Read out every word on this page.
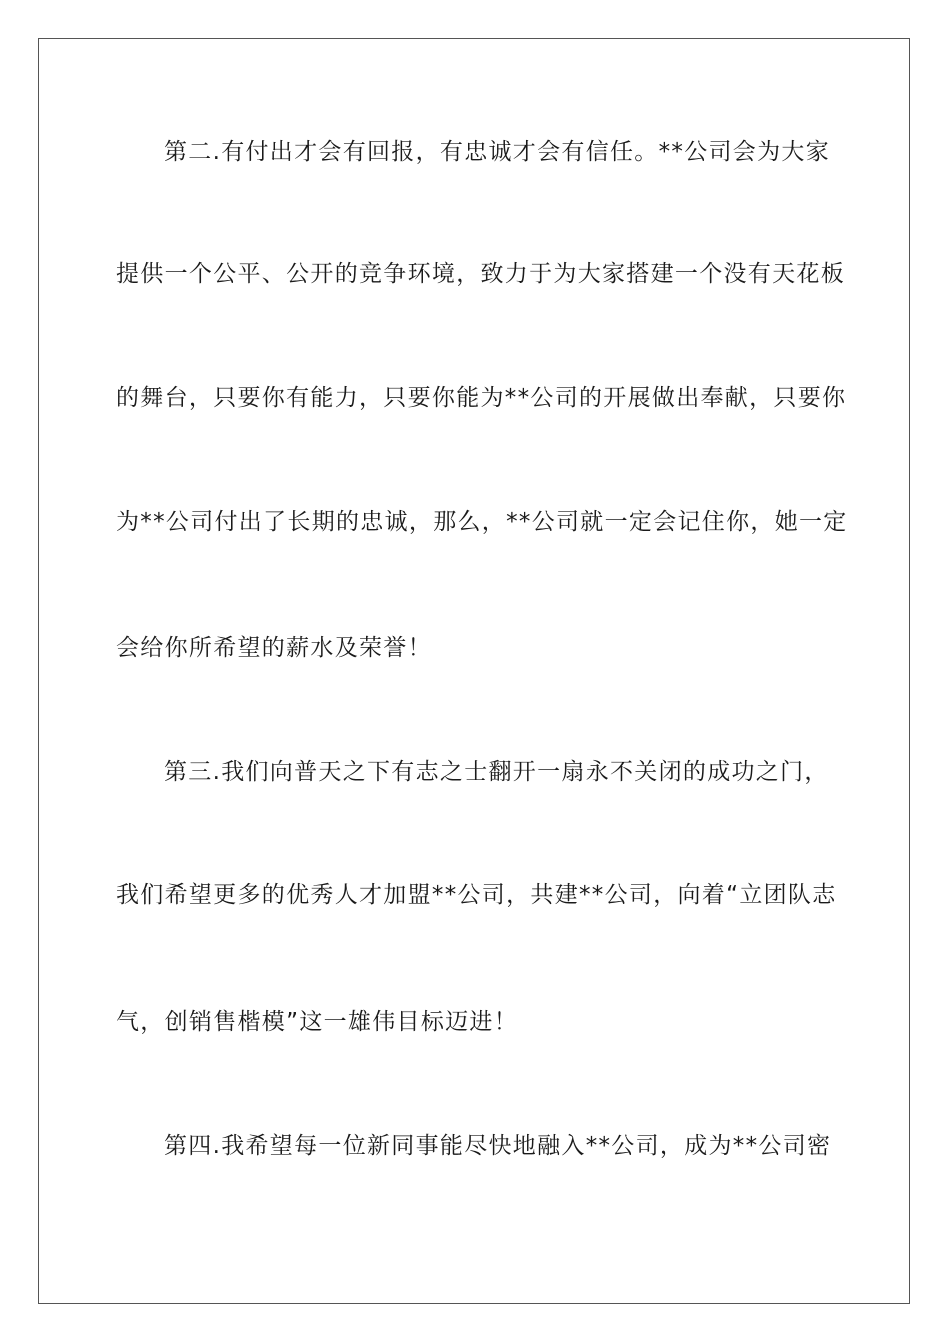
第二.有付出才会有回报，有忠诚才会有信任。**公司会为大家
提供一个公平、公开的竞争环境，致力于为大家搭建一个没有天花板
的舞台，只要你有能力，只要你能为**公司的开展做出奉献，只要你
为**公司付出了长期的忠诚，那么，**公司就一定会记住你，她一定
会给你所希望的薪水及荣誉！
第三.我们向普天之下有志之士翻开一扇永不关闭的成功之门，
我们希望更多的优秀人才加盟**公司，共建**公司，向着“立团队志
气，创销售楷模”这一雄伟目标迈进！
第四.我希望每一位新同事能尽快地融入**公司，成为**公司密
